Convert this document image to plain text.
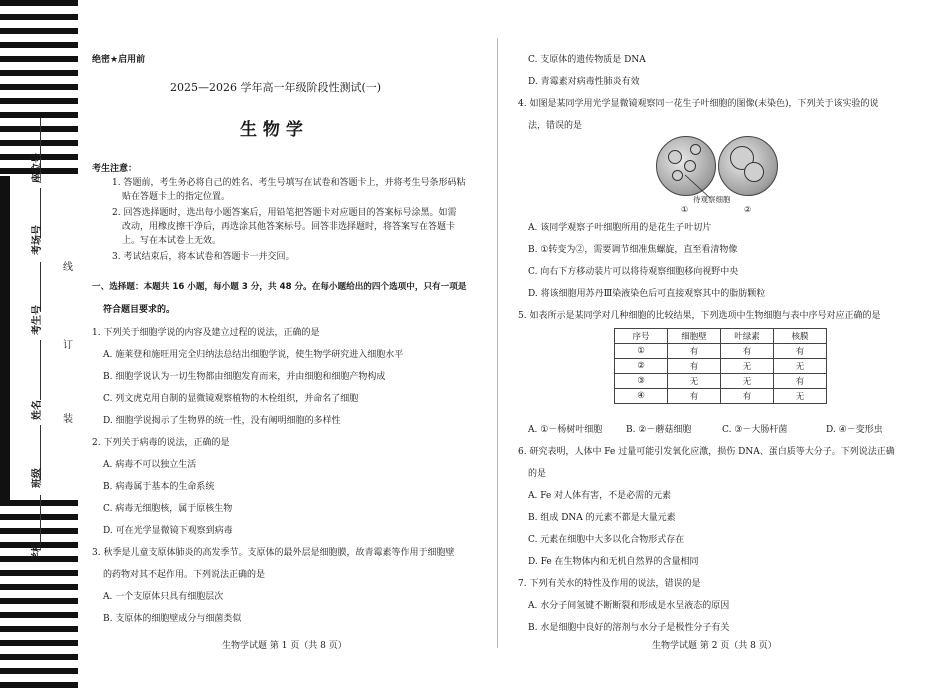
座位号
考场号
考生号
姓名
班级
学校
线
订
装
绝密★启用前
2025—2026 学年高一年级阶段性测试(一)
生 物 学
考生注意：
1. 答题前，考生务必将自己的姓名、考生号填写在试卷和答题卡上，并将考生号条形码粘
贴在答题卡上的指定位置。
2. 回答选择题时，选出每小题答案后，用铅笔把答题卡对应题目的答案标号涂黑。如需
改动，用橡皮擦干净后，再选涂其他答案标号。回答非选择题时，将答案写在答题卡
上。写在本试卷上无效。
3. 考试结束后，将本试卷和答题卡一并交回。
一、选择题：本题共 16 小题，每小题 3 分，共 48 分。在每小题给出的四个选项中，只有一项是
符合题目要求的。
1. 下列关于细胞学说的内容及建立过程的说法，正确的是
A. 施莱登和施旺用完全归纳法总结出细胞学说，使生物学研究进入细胞水平
B. 细胞学说认为一切生物都由细胞发育而来，并由细胞和细胞产物构成
C. 列文虎克用自制的显微镜观察植物的木栓组织，并命名了细胞
D. 细胞学说揭示了生物界的统一性，没有阐明细胞的多样性
2. 下列关于病毒的说法，正确的是
A. 病毒不可以独立生活
B. 病毒属于基本的生命系统
C. 病毒无细胞核，属于原核生物
D. 可在光学显微镜下观察到病毒
3. 秋季是儿童支原体肺炎的高发季节。支原体的最外层是细胞膜，故青霉素等作用于细胞壁
的药物对其不起作用。下列说法正确的是
A. 一个支原体只具有细胞层次
B. 支原体的细胞壁成分与细菌类似
生物学试题 第 1 页（共 8 页）
C. 支原体的遗传物质是 DNA
D. 青霉素对病毒性肺炎有效
4. 如图是某同学用光学显微镜观察同一花生子叶细胞的图像(未染色)，下列关于该实验的说
法，错误的是
待观察细胞
①	②
A. 该同学观察子叶细胞所用的是花生子叶切片
B. ①转变为②，需要调节细准焦螺旋，直至看清物像
C. 向右下方移动装片可以将待观察细胞移向视野中央
D. 将该细胞用苏丹Ⅲ染液染色后可直接观察其中的脂肪颗粒
5. 如表所示是某同学对几种细胞的比较结果，下列选项中生物细胞与表中序号对应正确的是
序号	细胞壁	叶绿素	核膜
①	有	有	有
②	有	无	无
③	无	无	有
④	有	有	无
A. ①－杨树叶细胞	B. ②－蘑菇细胞	C. ③－大肠杆菌	D. ④－变形虫
6. 研究表明，人体中 Fe 过量可能引发氧化应激，损伤 DNA、蛋白质等大分子。下列说法正确
的是
A. Fe 对人体有害，不是必需的元素
B. 组成 DNA 的元素不都是大量元素
C. 元素在细胞中大多以化合物形式存在
D. Fe 在生物体内和无机自然界的含量相同
7. 下列有关水的特性及作用的说法，错误的是
A. 水分子间氢键不断断裂和形成是水呈液态的原因
B. 水是细胞中良好的溶剂与水分子是极性分子有关
生物学试题 第 2 页（共 8 页）
